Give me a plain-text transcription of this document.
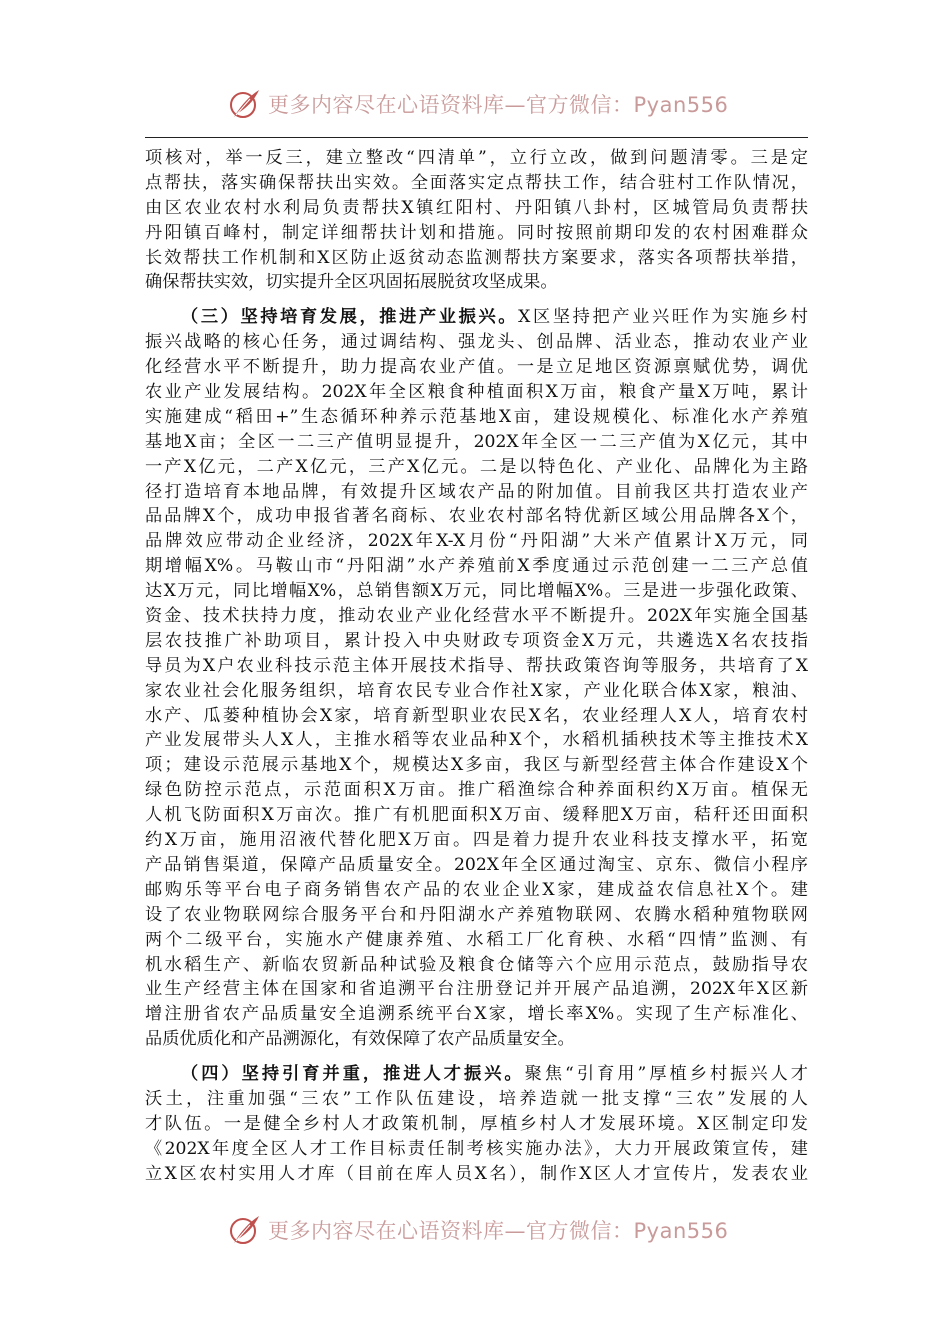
更多内容尽在心语资料库—官方微信：Pyan556
项核对，举一反三，建立整改“四清单”，立行立改，做到问题清零。三是定
点帮扶，落实确保帮扶出实效。全面落实定点帮扶工作，结合驻村工作队情况，
由区农业农村水利局负责帮扶X镇红阳村、丹阳镇八卦村，区城管局负责帮扶
丹阳镇百峰村，制定详细帮扶计划和措施。同时按照前期印发的农村困难群众
长效帮扶工作机制和X区防止返贫动态监测帮扶方案要求，落实各项帮扶举措，
确保帮扶实效，切实提升全区巩固拓展脱贫攻坚成果。
（三）坚持培育发展，推进产业振兴。X区坚持把产业兴旺作为实施乡村
振兴战略的核心任务，通过调结构、强龙头、创品牌、活业态，推动农业产业
化经营水平不断提升，助力提高农业产值。一是立足地区资源禀赋优势，调优
农业产业发展结构。202X年全区粮食种植面积X万亩，粮食产量X万吨，累计
实施建成“稻田+”生态循环种养示范基地X亩，建设规模化、标准化水产养殖
基地X亩；全区一二三产值明显提升，202X年全区一二三产值为X亿元，其中
一产X亿元，二产X亿元，三产X亿元。二是以特色化、产业化、品牌化为主路
径打造培育本地品牌，有效提升区域农产品的附加值。目前我区共打造农业产
品品牌X个，成功申报省著名商标、农业农村部名特优新区域公用品牌各X个，
品牌效应带动企业经济，202X年X-X月份“丹阳湖”大米产值累计X万元，同
期增幅X%。马鞍山市“丹阳湖”水产养殖前X季度通过示范创建一二三产总值
达X万元，同比增幅X%，总销售额X万元，同比增幅X%。三是进一步强化政策、
资金、技术扶持力度，推动农业产业化经营水平不断提升。202X年实施全国基
层农技推广补助项目，累计投入中央财政专项资金X万元，共遴选X名农技指
导员为X户农业科技示范主体开展技术指导、帮扶政策咨询等服务，共培育了X
家农业社会化服务组织，培育农民专业合作社X家，产业化联合体X家，粮油、
水产、瓜蒌种植协会X家，培育新型职业农民X名，农业经理人X人，培育农村
产业发展带头人X人，主推水稻等农业品种X个，水稻机插秧技术等主推技术X
项；建设示范展示基地X个，规模达X多亩，我区与新型经营主体合作建设X个
绿色防控示范点，示范面积X万亩。推广稻渔综合种养面积约X万亩。植保无
人机飞防面积X万亩次。推广有机肥面积X万亩、缓释肥X万亩，秸秆还田面积
约X万亩，施用沼液代替化肥X万亩。四是着力提升农业科技支撑水平，拓宽
产品销售渠道，保障产品质量安全。202X年全区通过淘宝、京东、微信小程序
邮购乐等平台电子商务销售农产品的农业企业X家，建成益农信息社X个。建
设了农业物联网综合服务平台和丹阳湖水产养殖物联网、农腾水稻种殖物联网
两个二级平台，实施水产健康养殖、水稻工厂化育秧、水稻“四情”监测、有
机水稻生产、新临农贸新品种试验及粮食仓储等六个应用示范点，鼓励指导农
业生产经营主体在国家和省追溯平台注册登记并开展产品追溯，202X年X区新
增注册省农产品质量安全追溯系统平台X家，增长率X%。实现了生产标准化、
品质优质化和产品溯源化，有效保障了农产品质量安全。
（四）坚持引育并重，推进人才振兴。聚焦“引育用”厚植乡村振兴人才
沃土，注重加强“三农”工作队伍建设，培养造就一批支撑“三农”发展的人
才队伍。一是健全乡村人才政策机制，厚植乡村人才发展环境。X区制定印发
《202X年度全区人才工作目标责任制考核实施办法》，大力开展政策宣传，建
立X区农村实用人才库（目前在库人员X名），制作X区人才宣传片，发表农业
更多内容尽在心语资料库—官方微信：Pyan556
